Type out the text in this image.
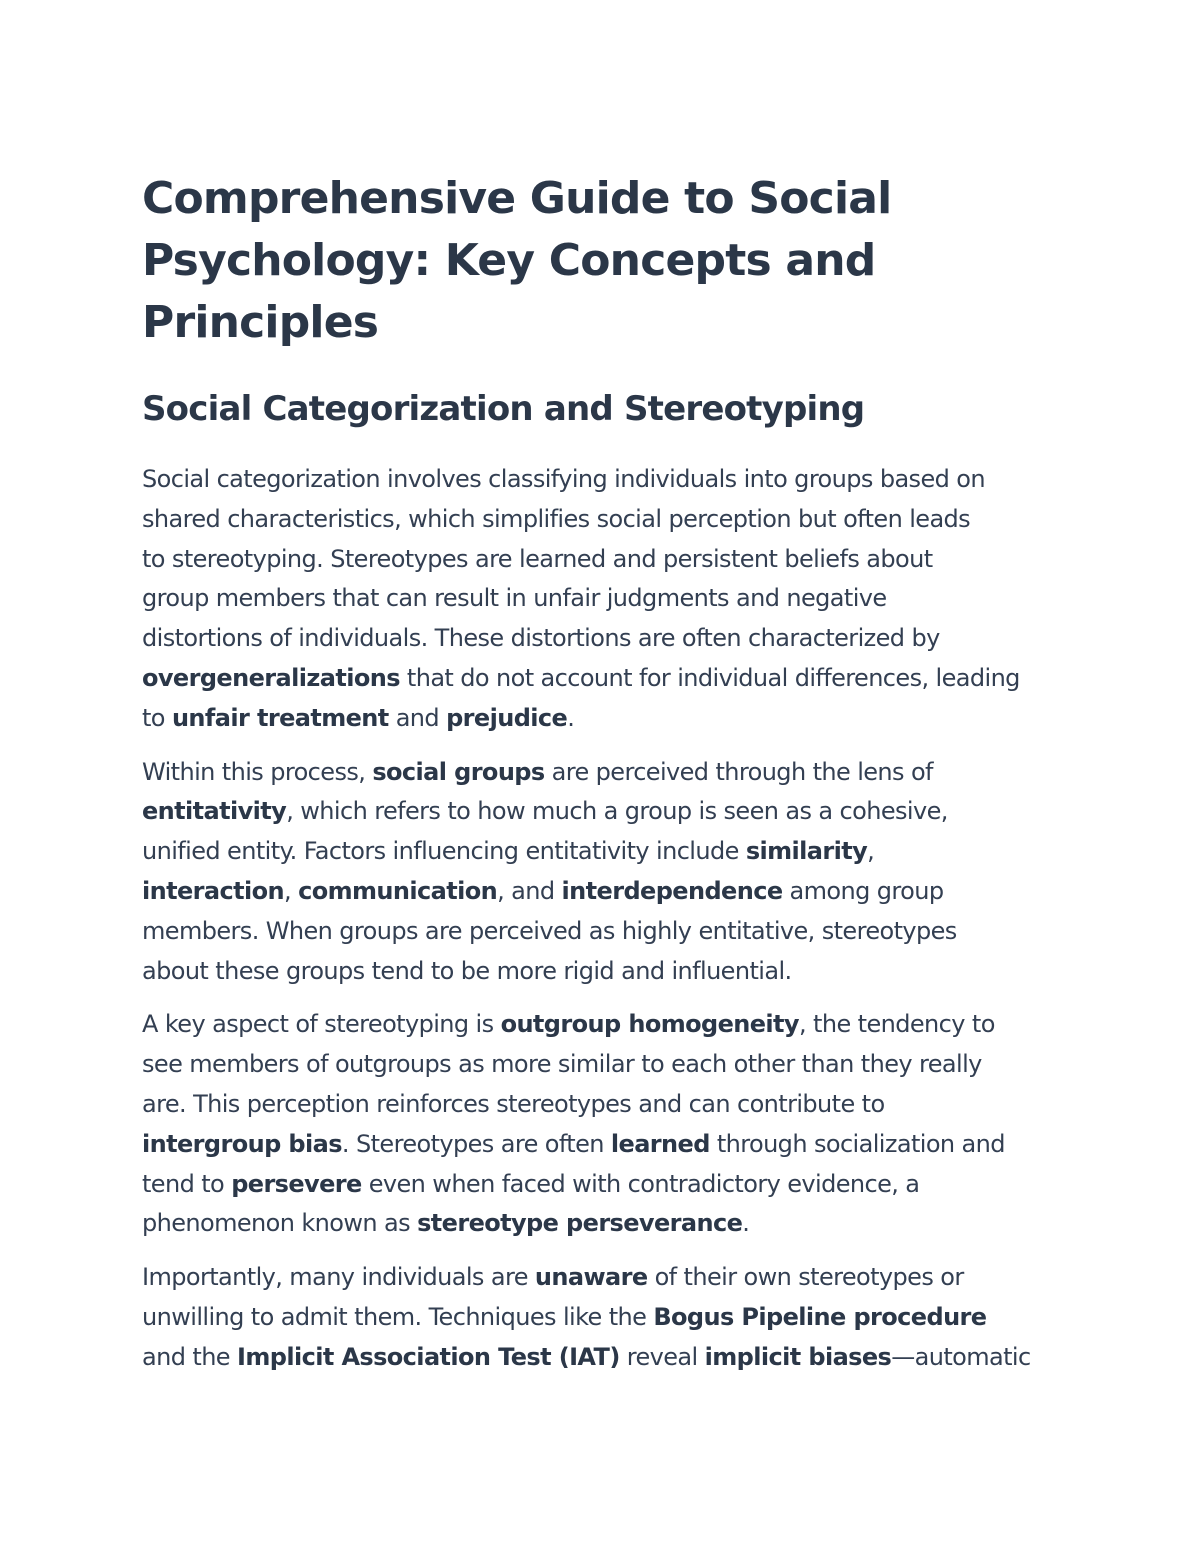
Comprehensive Guide to Social Psychology: Key Concepts and Principles
Social Categorization and Stereotyping

Social categorization involves classifying individuals into groups based on
shared characteristics, which simplifies social perception but often leads
to stereotyping. Stereotypes are learned and persistent beliefs about
group members that can result in unfair judgments and negative
distortions of individuals. These distortions are often characterized by
overgeneralizations that do not account for individual differences, leading
to unfair treatment and prejudice.

Within this process, social groups are perceived through the lens of
entitativity, which refers to how much a group is seen as a cohesive,
unified entity. Factors influencing entitativity include similarity,
interaction, communication, and interdependence among group
members. When groups are perceived as highly entitative, stereotypes
about these groups tend to be more rigid and influential.

A key aspect of stereotyping is outgroup homogeneity, the tendency to
see members of outgroups as more similar to each other than they really
are. This perception reinforces stereotypes and can contribute to
intergroup bias. Stereotypes are often learned through socialization and
tend to persevere even when faced with contradictory evidence, a
phenomenon known as stereotype perseverance.

Importantly, many individuals are unaware of their own stereotypes or
unwilling to admit them. Techniques like the Bogus Pipeline procedure
and the Implicit Association Test (IAT) reveal implicit biases—automatic
